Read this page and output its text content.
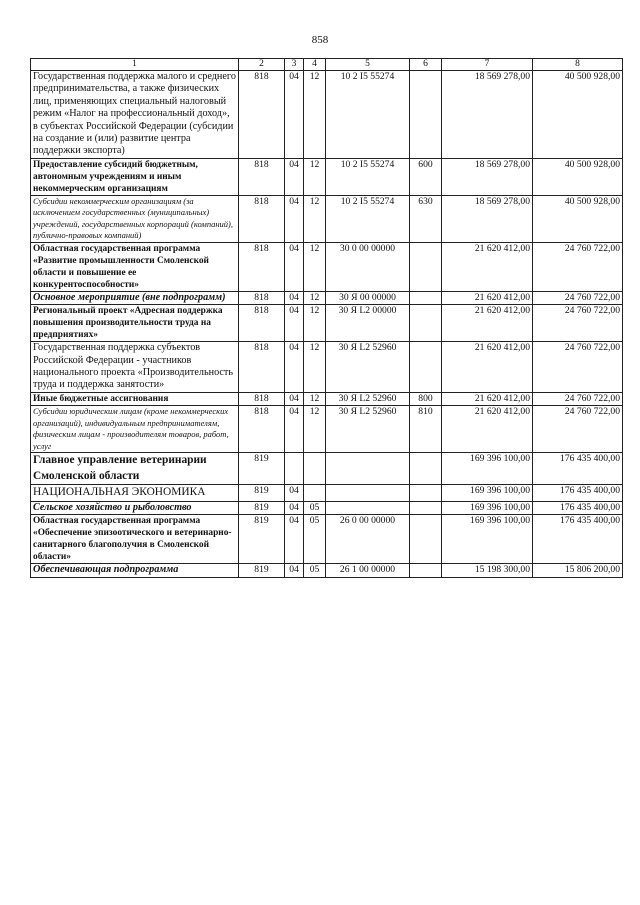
858
1	2	3	4	5	6	7	8
Государственная поддержка малого и среднего предпринимательства, а также физических лиц, применяющих специальный налоговый режим «Налог на профессиональный доход», в субъектах Российской Федерации (субсидии на создание и (или) развитие центра поддержки экспорта)	818	04	12	10 2 I5 55274		18 569 278,00	40 500 928,00
Предоставление субсидий бюджетным, автономным учреждениям и иным некоммерческим организациям	818	04	12	10 2 I5 55274	600	18 569 278,00	40 500 928,00
Субсидии некоммерческим организациям (за исключением государственных (муниципальных) учреждений, государственных корпораций (компаний), публично-правовых компаний)	818	04	12	10 2 I5 55274	630	18 569 278,00	40 500 928,00
Областная государственная программа «Развитие промышленности Смоленской области и повышение ее конкурентоспособности»	818	04	12	30 0 00 00000		21 620 412,00	24 760 722,00
Основное мероприятие (вне подпрограмм)	818	04	12	30 Я 00 00000		21 620 412,00	24 760 722,00
Региональный проект «Адресная поддержка повышения производительности труда на предприятиях»	818	04	12	30 Я L2 00000		21 620 412,00	24 760 722,00
Государственная поддержка субъектов Российской Федерации - участников национального проекта «Производительность труда и поддержка занятости»	818	04	12	30 Я L2 52960		21 620 412,00	24 760 722,00
Иные бюджетные ассигнования	818	04	12	30 Я L2 52960	800	21 620 412,00	24 760 722,00
Субсидии юридическим лицам (кроме некоммерческих организаций), индивидуальным предпринимателям, физическим лицам - производителям товаров, работ, услуг	818	04	12	30 Я L2 52960	810	21 620 412,00	24 760 722,00
Главное управление ветеринарии Смоленской области	819					169 396 100,00	176 435 400,00
НАЦИОНАЛЬНАЯ ЭКОНОМИКА	819	04				169 396 100,00	176 435 400,00
Сельское хозяйство и рыболовство	819	04	05			169 396 100,00	176 435 400,00
Областная государственная программа «Обеспечение эпизоотического и ветеринарно-санитарного благополучия в Смоленской области»	819	04	05	26 0 00 00000		169 396 100,00	176 435 400,00
Обеспечивающая подпрограмма	819	04	05	26 1 00 00000		15 198 300,00	15 806 200,00
